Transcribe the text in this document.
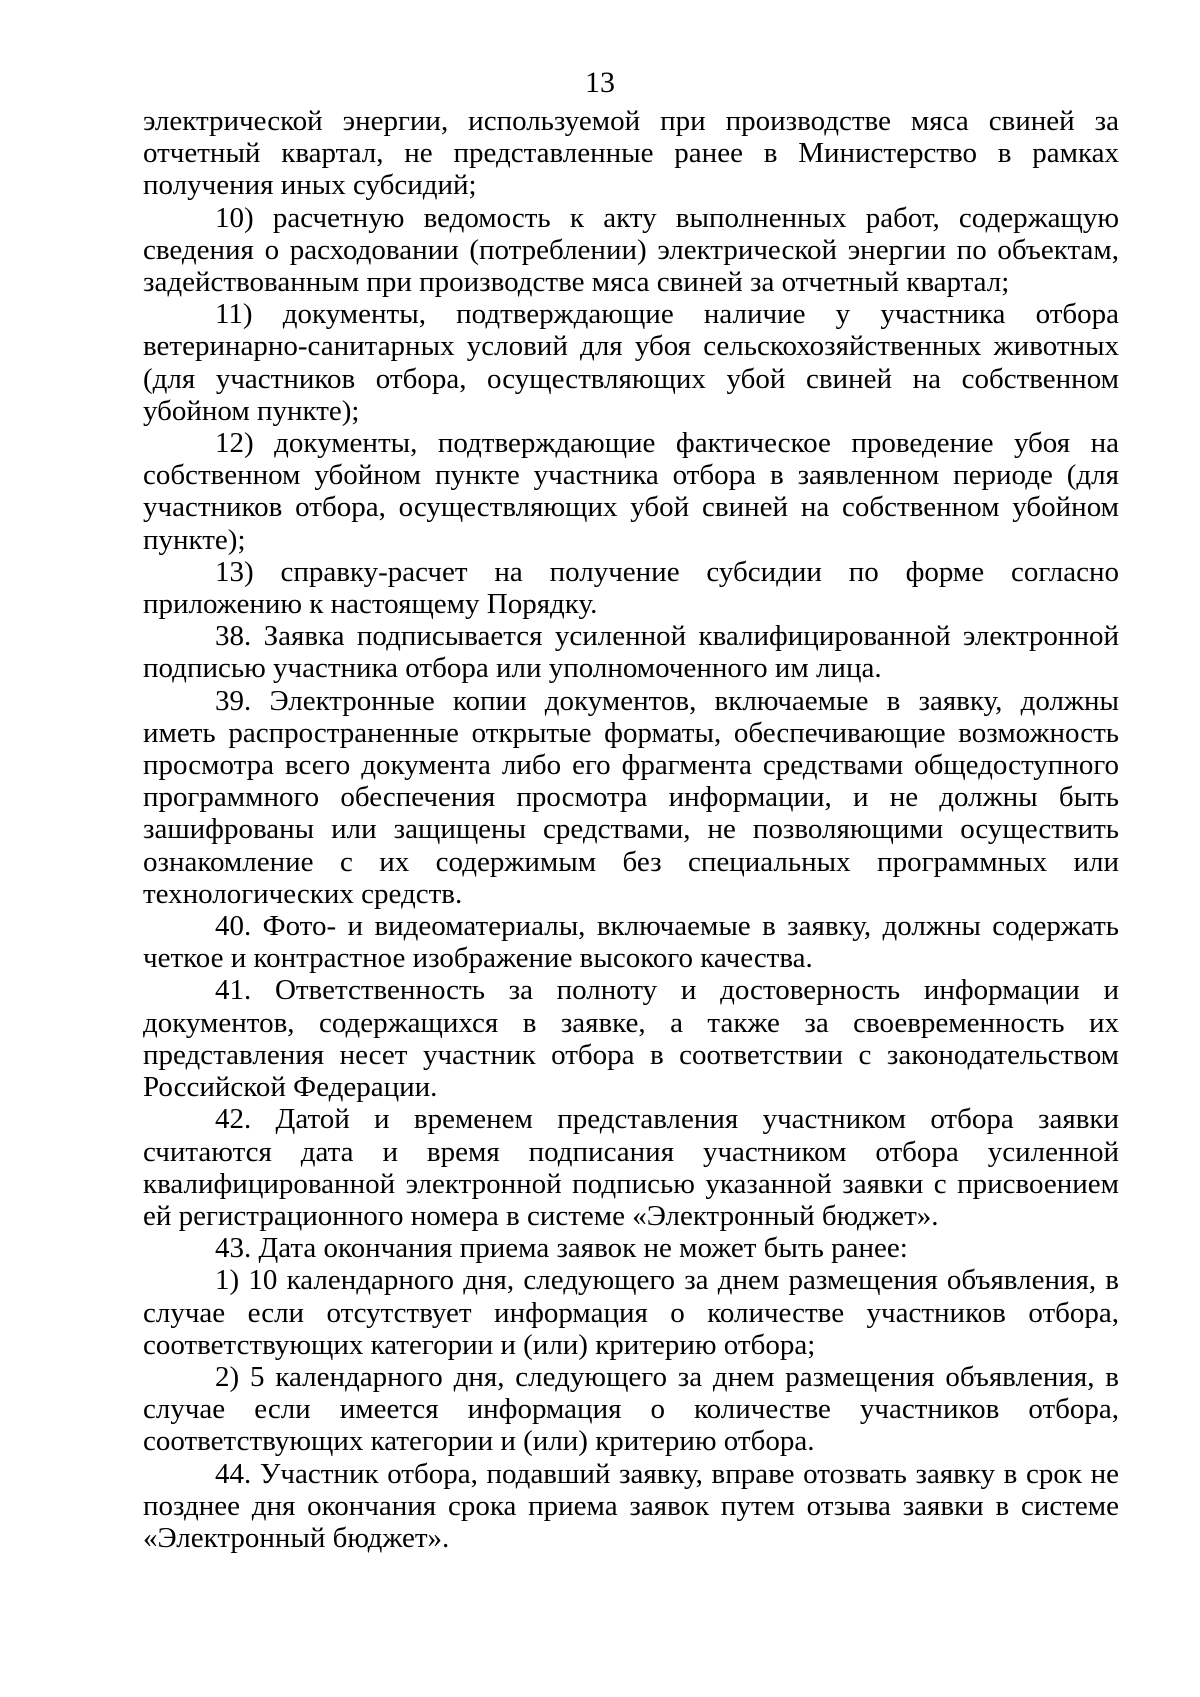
13

электрической энергии, используемой при производстве мяса свиней за отчетный квартал, не представленные ранее в Министерство в рамках получения иных субсидий;

10) расчетную ведомость к акту выполненных работ, содержащую сведения о расходовании (потреблении) электрической энергии по объектам, задействованным при производстве мяса свиней за отчетный квартал;

11) документы, подтверждающие наличие у участника отбора ветеринарно-санитарных условий для убоя сельскохозяйственных животных (для участников отбора, осуществляющих убой свиней на собственном убойном пункте);

12) документы, подтверждающие фактическое проведение убоя на собственном убойном пункте участника отбора в заявленном периоде (для участников отбора, осуществляющих убой свиней на собственном убойном пункте);

13) справку-расчет на получение субсидии по форме согласно приложению к настоящему Порядку.

38. Заявка подписывается усиленной квалифицированной электронной подписью участника отбора или уполномоченного им лица.

39. Электронные копии документов, включаемые в заявку, должны иметь распространенные открытые форматы, обеспечивающие возможность просмотра всего документа либо его фрагмента средствами общедоступного программного обеспечения просмотра информации, и не должны быть зашифрованы или защищены средствами, не позволяющими осуществить ознакомление с их содержимым без специальных программных или технологических средств.

40. Фото- и видеоматериалы, включаемые в заявку, должны содержать четкое и контрастное изображение высокого качества.

41. Ответственность за полноту и достоверность информации и документов, содержащихся в заявке, а также за своевременность их представления несет участник отбора в соответствии с законодательством Российской Федерации.

42. Датой и временем представления участником отбора заявки считаются дата и время подписания участником отбора усиленной квалифицированной электронной подписью указанной заявки с присвоением ей регистрационного номера в системе «Электронный бюджет».

43. Дата окончания приема заявок не может быть ранее:

1) 10 календарного дня, следующего за днем размещения объявления, в случае если отсутствует информация о количестве участников отбора, соответствующих категории и (или) критерию отбора;

2) 5 календарного дня, следующего за днем размещения объявления, в случае если имеется информация о количестве участников отбора, соответствующих категории и (или) критерию отбора.

44. Участник отбора, подавший заявку, вправе отозвать заявку в срок не позднее дня окончания срока приема заявок путем отзыва заявки в системе «Электронный бюджет».
